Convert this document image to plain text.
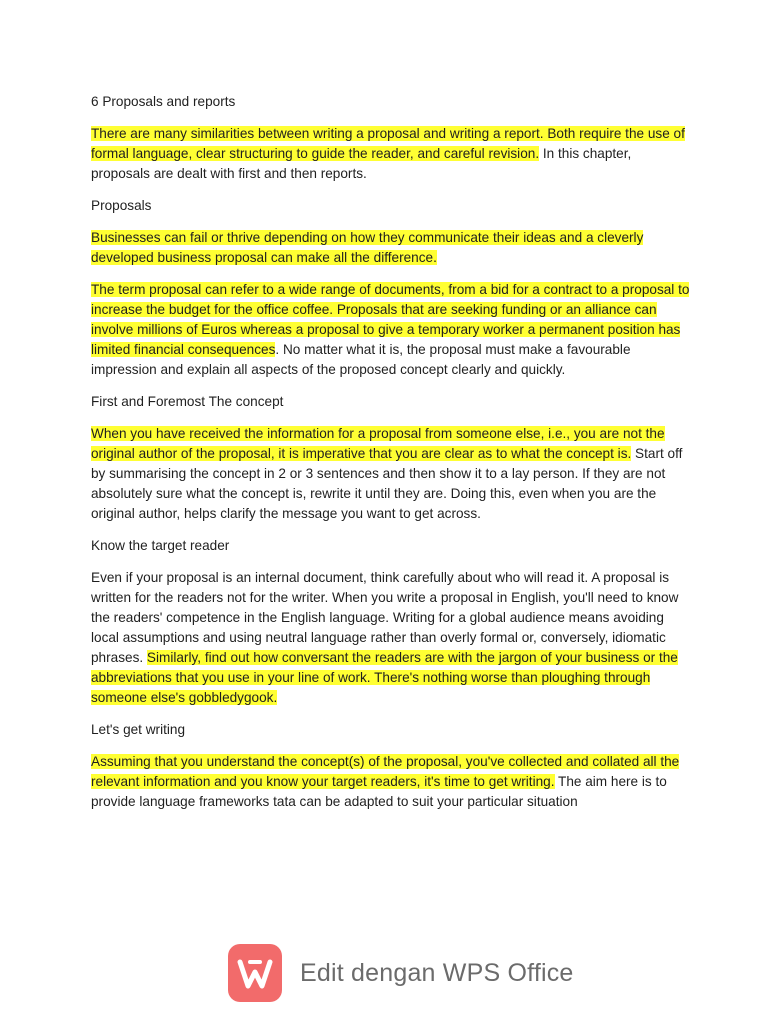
6 Proposals and reports

There are many similarities between writing a proposal and writing a report. Both require the use of formal language, clear structuring to guide the reader, and careful revision. In this chapter, proposals are dealt with first and then reports.

Proposals

Businesses can fail or thrive depending on how they communicate their ideas and a cleverly developed business proposal can make all the difference.

The term proposal can refer to a wide range of documents, from a bid for a contract to a proposal to increase the budget for the office coffee. Proposals that are seeking funding or an alliance can involve millions of Euros whereas a proposal to give a temporary worker a permanent position has limited financial consequences. No matter what it is, the proposal must make a favourable impression and explain all aspects of the proposed concept clearly and quickly.

First and Foremost The concept

When you have received the information for a proposal from someone else, i.e., you are not the original author of the proposal, it is imperative that you are clear as to what the concept is. Start off by summarising the concept in 2 or 3 sentences and then show it to a lay person. If they are not absolutely sure what the concept is, rewrite it until they are. Doing this, even when you are the original author, helps clarify the message you want to get across.

Know the target reader

Even if your proposal is an internal document, think carefully about who will read it. A proposal is written for the readers not for the writer. When you write a proposal in English, you'll need to know the readers' competence in the English language. Writing for a global audience means avoiding local assumptions and using neutral language rather than overly formal or, conversely, idiomatic phrases. Similarly, find out how conversant the readers are with the jargon of your business or the abbreviations that you use in your line of work. There's nothing worse than ploughing through someone else's gobbledygook.

Let's get writing

Assuming that you understand the concept(s) of the proposal, you've collected and collated all the relevant information and you know your target readers, it's time to get writing. The aim here is to provide language frameworks tata can be adapted to suit your particular situation

Edit dengan WPS Office
